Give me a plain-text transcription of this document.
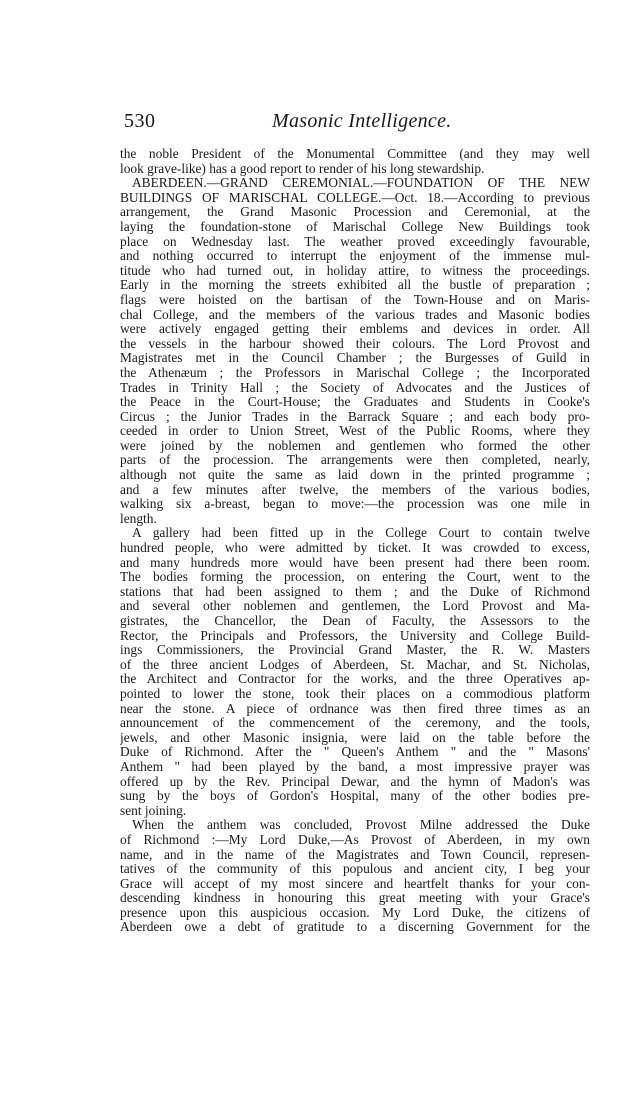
530	Masonic Intelligence.
the noble President of the Monumental Committee (and they may well
look grave-like) has a good report to render of his long stewardship.
ABERDEEN.—GRAND CEREMONIAL.—FOUNDATION OF THE NEW
BUILDINGS OF MARISCHAL COLLEGE.—Oct. 18.—According to previous
arrangement, the Grand Masonic Procession and Ceremonial, at the
laying the foundation-stone of Marischal College New Buildings took
place on Wednesday last. The weather proved exceedingly favourable,
and nothing occurred to interrupt the enjoyment of the immense mul-
titude who had turned out, in holiday attire, to witness the proceedings.
Early in the morning the streets exhibited all the bustle of preparation ;
flags were hoisted on the bartisan of the Town-House and on Maris-
chal College, and the members of the various trades and Masonic bodies
were actively engaged getting their emblems and devices in order. All
the vessels in the harbour showed their colours. The Lord Provost and
Magistrates met in the Council Chamber ; the Burgesses of Guild in
the Athenæum ; the Professors in Marischal College ; the Incorporated
Trades in Trinity Hall ; the Society of Advocates and the Justices of
the Peace in the Court-House; the Graduates and Students in Cooke's
Circus ; the Junior Trades in the Barrack Square ; and each body pro-
ceeded in order to Union Street, West of the Public Rooms, where they
were joined by the noblemen and gentlemen who formed the other
parts of the procession. The arrangements were then completed, nearly,
although not quite the same as laid down in the printed programme ;
and a few minutes after twelve, the members of the various bodies,
walking six a-breast, began to move:—the procession was one mile in
length.
A gallery had been fitted up in the College Court to contain twelve
hundred people, who were admitted by ticket. It was crowded to excess,
and many hundreds more would have been present had there been room.
The bodies forming the procession, on entering the Court, went to the
stations that had been assigned to them ; and the Duke of Richmond
and several other noblemen and gentlemen, the Lord Provost and Ma-
gistrates, the Chancellor, the Dean of Faculty, the Assessors to the
Rector, the Principals and Professors, the University and College Build-
ings Commissioners, the Provincial Grand Master, the R. W. Masters
of the three ancient Lodges of Aberdeen, St. Machar, and St. Nicholas,
the Architect and Contractor for the works, and the three Operatives ap-
pointed to lower the stone, took their places on a commodious platform
near the stone. A piece of ordnance was then fired three times as an
announcement of the commencement of the ceremony, and the tools,
jewels, and other Masonic insignia, were laid on the table before the
Duke of Richmond. After the " Queen's Anthem " and the " Masons'
Anthem " had been played by the band, a most impressive prayer was
offered up by the Rev. Principal Dewar, and the hymn of Madon's was
sung by the boys of Gordon's Hospital, many of the other bodies pre-
sent joining.
When the anthem was concluded, Provost Milne addressed the Duke
of Richmond :—My Lord Duke,—As Provost of Aberdeen, in my own
name, and in the name of the Magistrates and Town Council, represen-
tatives of the community of this populous and ancient city, I beg your
Grace will accept of my most sincere and heartfelt thanks for your con-
descending kindness in honouring this great meeting with your Grace's
presence upon this auspicious occasion. My Lord Duke, the citizens of
Aberdeen owe a debt of gratitude to a discerning Government for the
